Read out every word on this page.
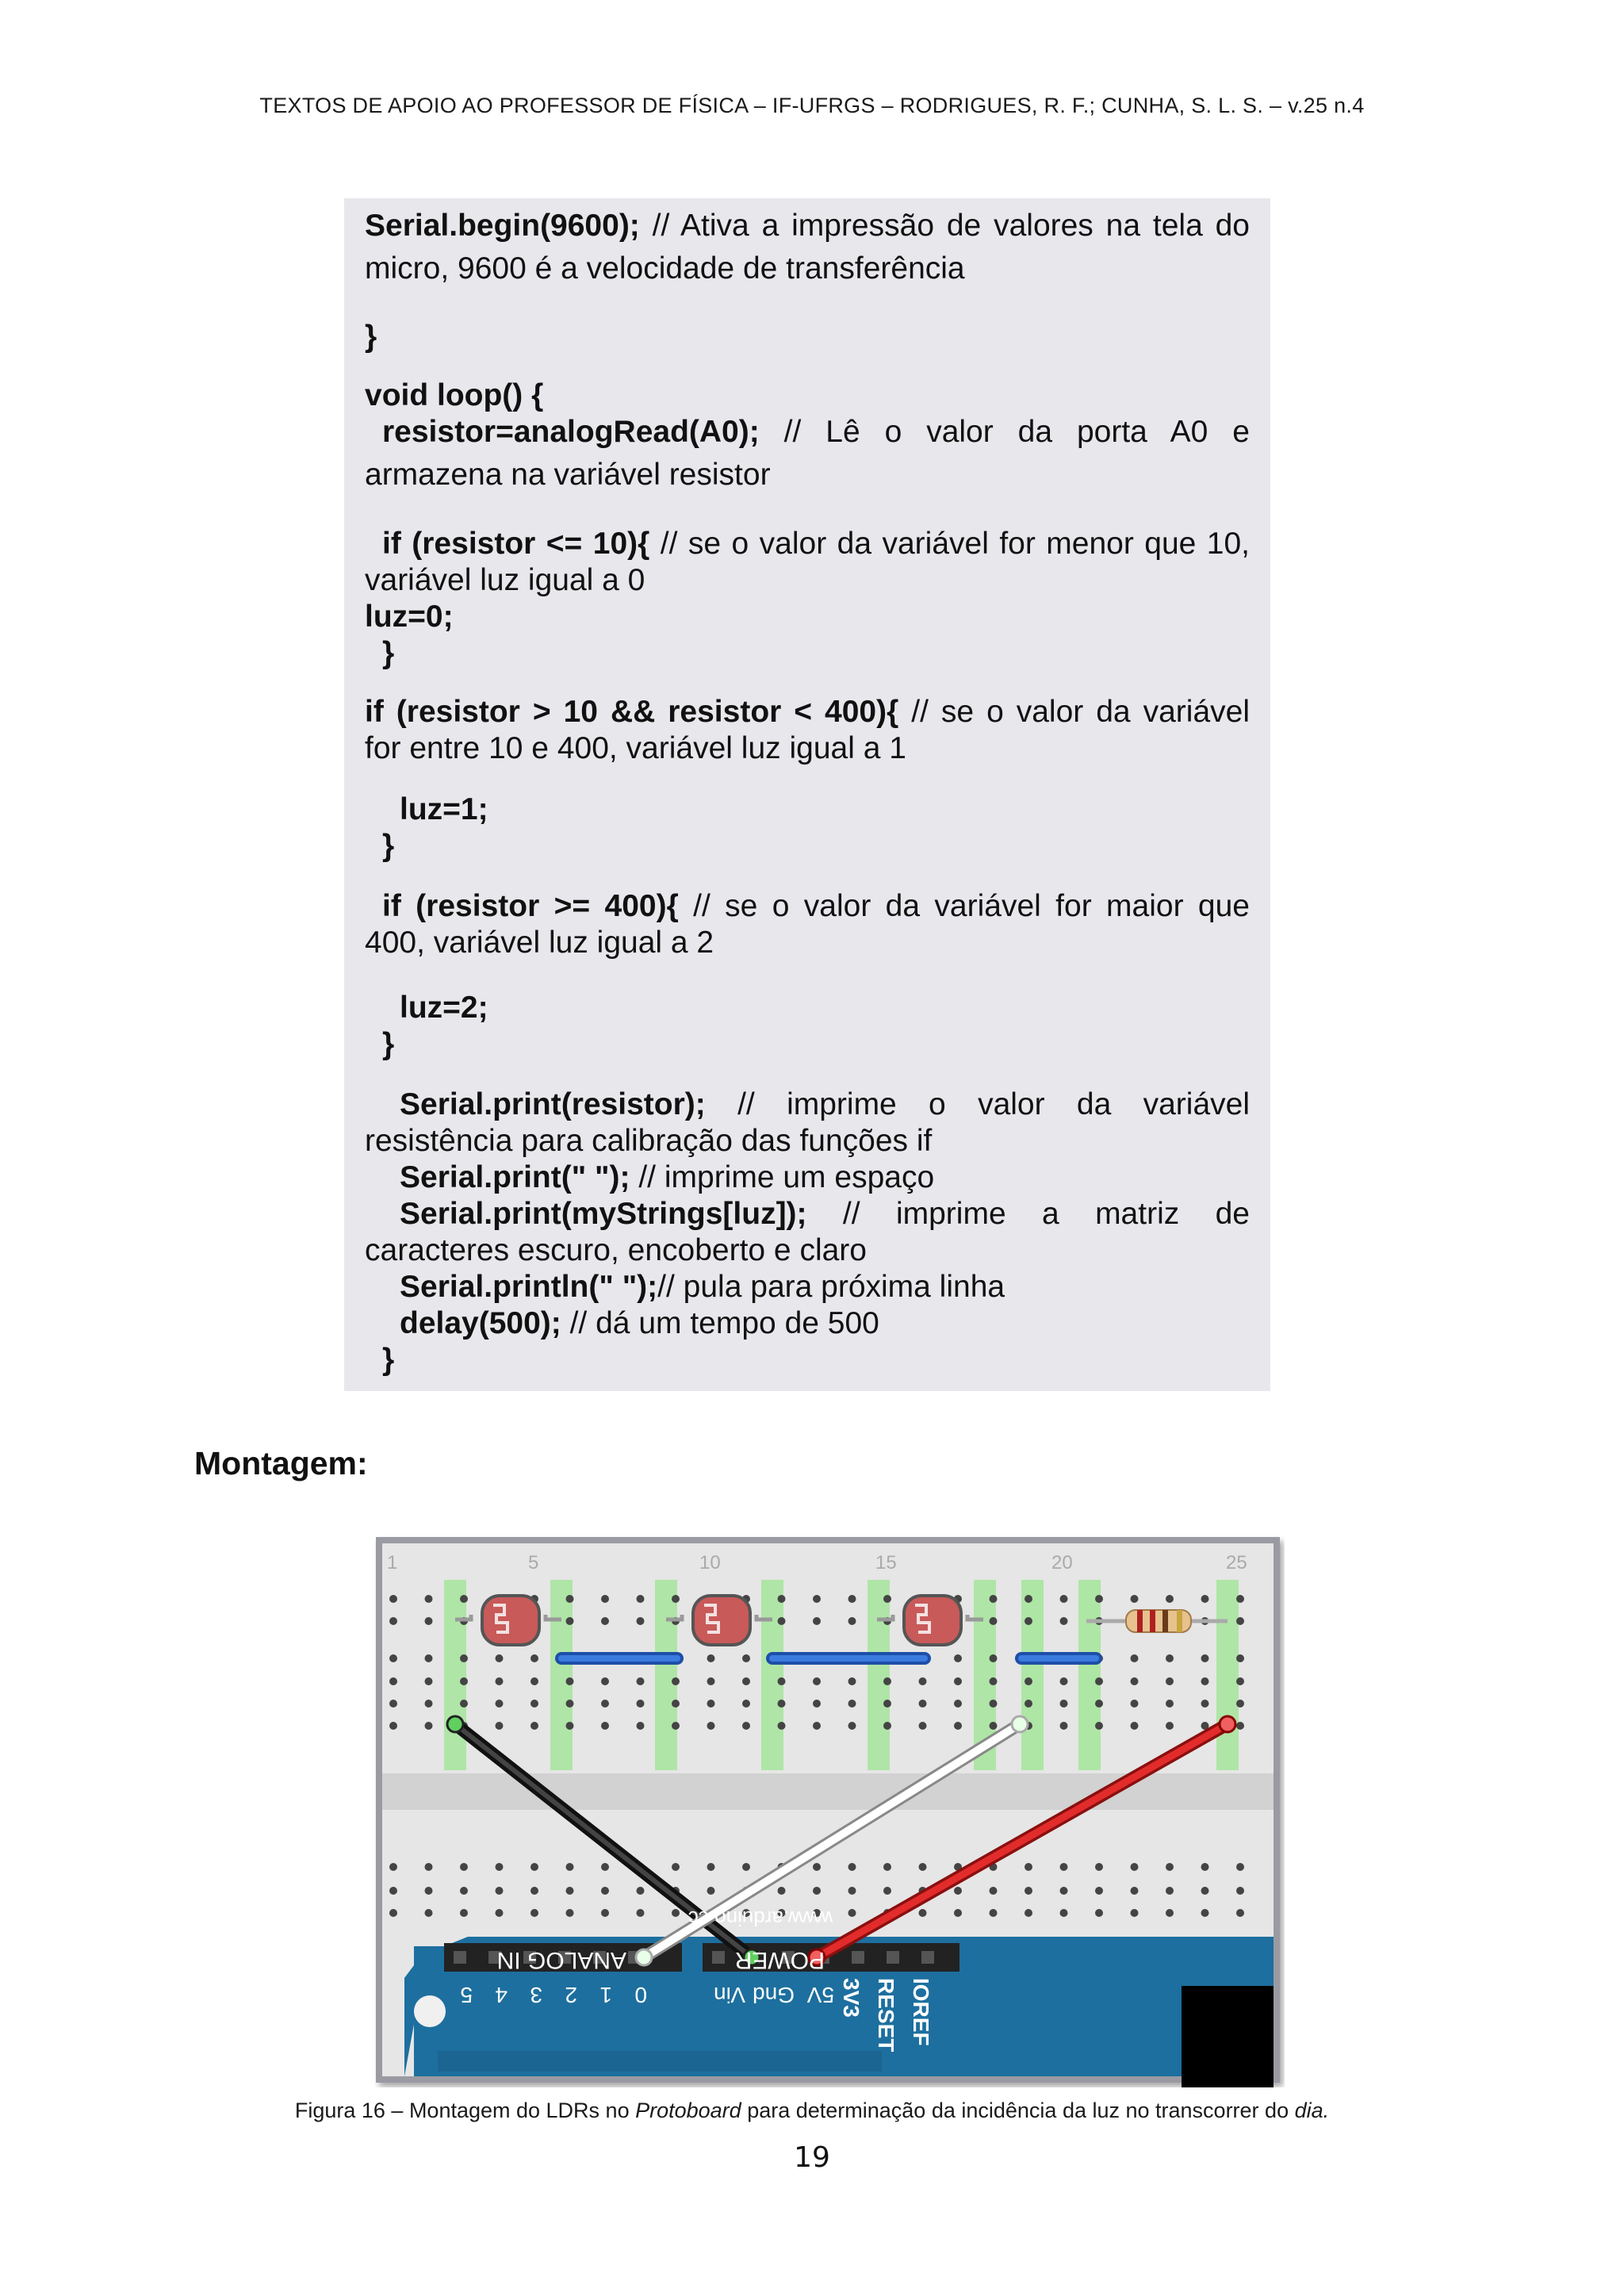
TEXTOS DE APOIO AO PROFESSOR DE FÍSICA – IF-UFRGS – RODRIGUES, R. F.; CUNHA, S. L. S. – v.25 n.4
Serial.begin(9600); // Ativa a impressão de valores na tela do
micro, 9600 é a velocidade de transferência
}
void loop() {
resistor=analogRead(A0); // Lê o valor da porta A0 e
armazena na variável resistor
if (resistor <= 10){ // se o valor da variável for menor que 10,
variável luz igual a 0
luz=0;
}
if (resistor > 10 && resistor < 400){ // se o valor da variável
for entre 10 e 400, variável luz igual a 1
luz=1;
}
if (resistor >= 400){ // se o valor da variável for maior que
400, variável luz igual a 2
luz=2;
}
Serial.print(resistor); // imprime o valor da variável
resistência para calibração das funções if
Serial.print(" "); // imprime um espaço
Serial.print(myStrings[luz]); // imprime a matriz de
caracteres escuro, encoberto e claro
Serial.println(" ");// pula para próxima linha
delay(500); // dá um tempo de 500
}
Montagem:
1	5	10	15	20	25
5 4 3 2 1 0	Vin Gnd 5V
ANALOG IN	POWER
www.arduino.cc
3V3 RESET IOREF
Figura 16 – Montagem do LDRs no Protoboard para determinação da incidência da luz no transcorrer do dia.
19
